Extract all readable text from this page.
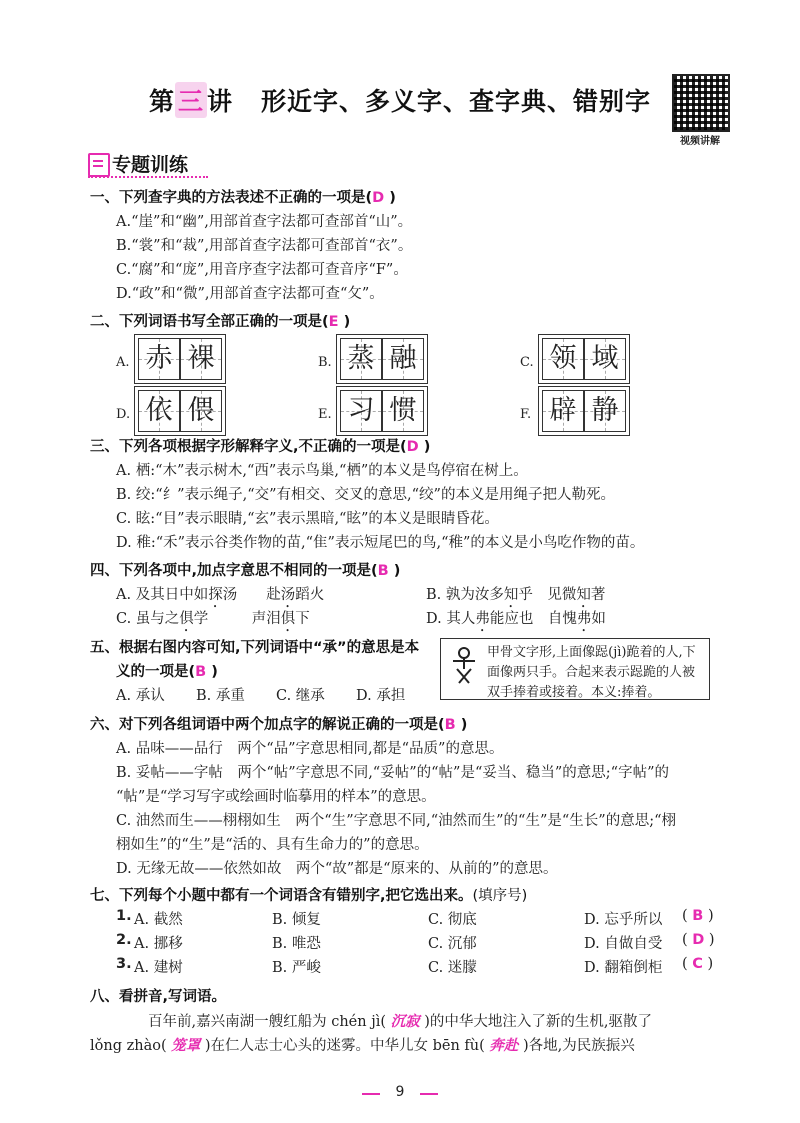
第 三 讲 形近字、多义字、查字典、错别字
视频讲解
专题训练
一、下列查字典的方法表述不正确的一项是(D )
A.“崖”和“幽”,用部首查字法都可查部首“山”。
B.“裳”和“裁”,用部首查字法都可查部首“衣”。
C.“腐”和“庞”,用音序查字法都可查音序“F”。
D.“政”和“微”,用部首查字法都可查“攵”。
二、下列词语书写全部正确的一项是(E )
A. 赤 裸	B. 蒸 融	C. 领 域
D. 依 偎	E. 习 惯	F. 辟 静
三、下列各项根据字形解释字义,不正确的一项是(D )
A. 栖:“木”表示树木,“西”表示鸟巢,“栖”的本义是鸟停宿在树上。
B. 绞:“纟”表示绳子,“交”有相交、交叉的意思,“绞”的本义是用绳子把人勒死。
C. 眩:“目”表示眼睛,“玄”表示黑暗,“眩”的本义是眼睛昏花。
D. 稚:“禾”表示谷类作物的苗,“隹”表示短尾巴的鸟,“稚”的本义是小鸟吃作物的苗。
四、下列各项中,加点字意思不相同的一项是(B )
A. 及其日中如探汤　　赴汤蹈火	B. 孰为汝多知乎　见微知著
C. 虽与之俱学　　　声泪俱下	D. 其人弗能应也　自愧弗如
五、根据右图内容可知,下列词语中“承”的意思是本
义的一项是(B )
A. 承认 B. 承重 C. 继承 D. 承担
甲骨文字形,上面像跽(jì)跪着的人,下面像两只手。合起来表示跽跪的人被双手捧着或接着。本义:捧着。
六、对下列各组词语中两个加点字的解说正确的一项是(B )
A. 品味——品行　两个“品”字意思相同,都是“品质”的意思。
B. 妥帖——字帖　两个“帖”字意思不同,“妥帖”的“帖”是“妥当、稳当”的意思;“字帖”的
“帖”是“学习写字或绘画时临摹用的样本”的意思。
C. 油然而生——栩栩如生　两个“生”字意思不同,“油然而生”的“生”是“生长”的意思;“栩
栩如生”的“生”是“活的、具有生命力的”的意思。
D. 无缘无故——依然如故　两个“故”都是“原来的、从前的”的意思。
七、下列每个小题中都有一个词语含有错别字,把它选出来。(填序号)
1. A. 截然	B. 倾复	C. 彻底	D. 忘乎所以 ( B )
2. A. 挪移	B. 唯恐	C. 沉郁	D. 自做自受 ( D )
3. A. 建树	B. 严峻	C. 迷朦	D. 翻箱倒柜 ( C )
八、看拼音,写词语。
百年前,嘉兴南湖一艘红船为 chén jì( 沉寂 )的中华大地注入了新的生机,驱散了
lǒng zhào( 笼罩 )在仁人志士心头的迷雾。中华儿女 bēn fù( 奔赴 )各地,为民族振兴
9
